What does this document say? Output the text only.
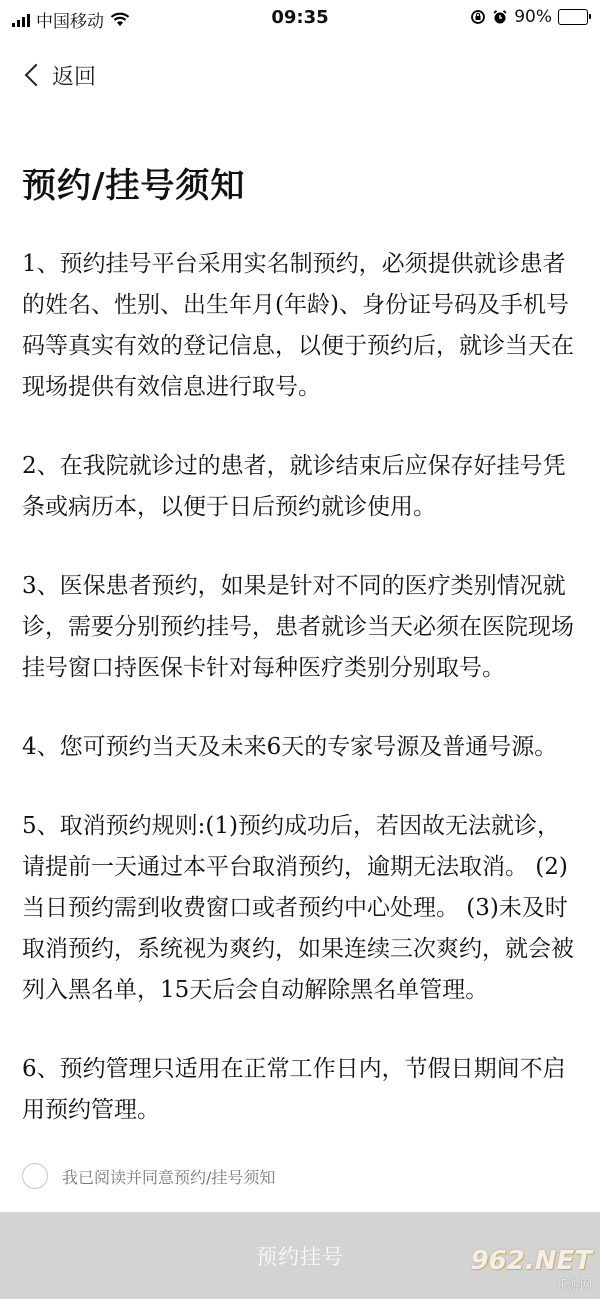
中国移动	09:35	90%
返回
预约/挂号须知

1、预约挂号平台采用实名制预约，必须提供就诊患者的姓名、性别、出生年月(年龄)、身份证号码及手机号码等真实有效的登记信息，以便于预约后，就诊当天在现场提供有效信息进行取号。

2、在我院就诊过的患者，就诊结束后应保存好挂号凭条或病历本，以便于日后预约就诊使用。

3、医保患者预约，如果是针对不同的医疗类别情况就诊，需要分别预约挂号，患者就诊当天必须在医院现场挂号窗口持医保卡针对每种医疗类别分别取号。

4、您可预约当天及未来6天的专家号源及普通号源。

5、取消预约规则:(1)预约成功后，若因故无法就诊，请提前一天通过本平台取消预约，逾期无法取消。 (2)当日预约需到收费窗口或者预约中心处理。 (3)未及时取消预约，系统视为爽约，如果连续三次爽约，就会被列入黑名单，15天后会自动解除黑名单管理。

6、预约管理只适用在正常工作日内，节假日期间不启用预约管理。

我已阅读并同意预约/挂号须知
预约挂号	962.NET
乐游网
